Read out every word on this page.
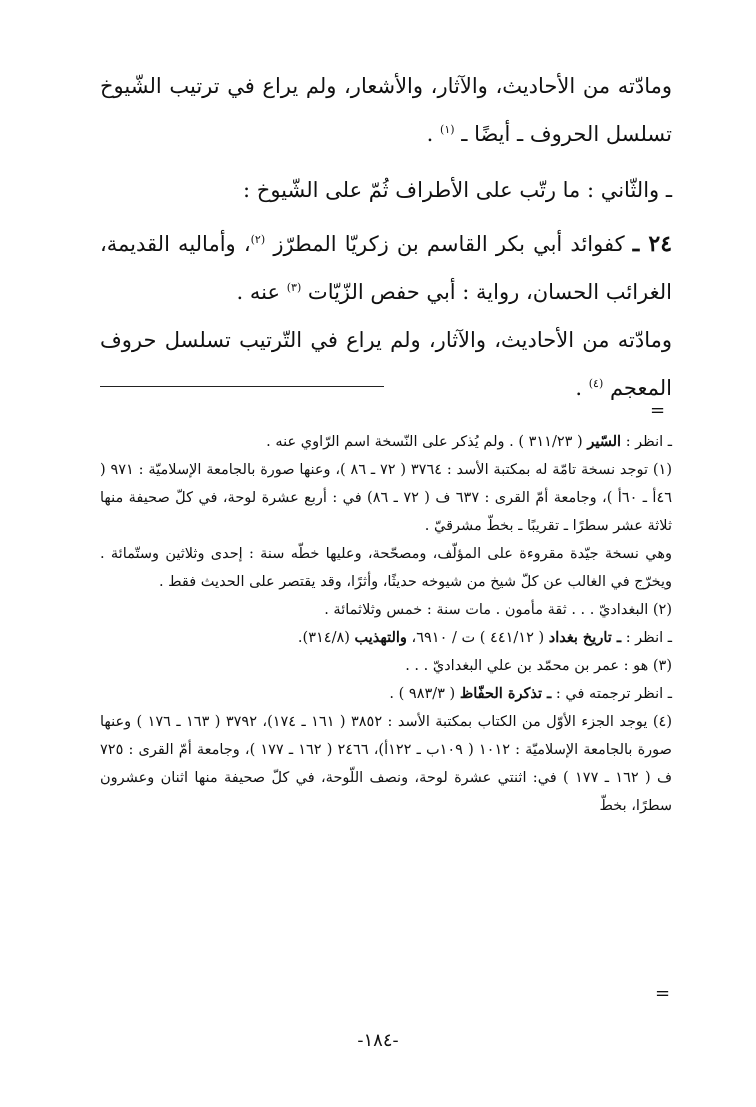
ومادّته من الأحاديث، والآثار، والأشعار، ولم يراع في ترتيب الشّيوخ تسلسل الحروف ـ أيضًا ـ $^{(١)}$ .

ـ والثّاني : ما رتّب على الأطراف ثُمّ على الشّيوخ :

٢٤ ـ كفوائد أبي بكر القاسم بن زكريّا المطرّز $^{(٢)}$، وأماليه القديمة، الغرائب الحسان، رواية : أبي حفص الزّيّات $^{(٣)}$ عنه .

ومادّته من الأحاديث، والآثار، ولم يراع في التّرتيب تسلسل حروف المعجم $^{(٤)}$ .

=

ـ انظر : السّير ( ٣١١/٢٣ ) . ولم يُذكر على النّسخة اسم الرّاوي عنه .

(١) توجد نسخة تامّة له بمكتبة الأسد : ٣٧٦٤ ( ٧٢ ـ ٨٦ )، وعنها صورة بالجامعة الإسلاميّة : ٩٧١ ( ٤٦أ ـ ٦٠أ )، وجامعة أمّ القرى : ٦٣٧ ف ( ٧٢ ـ ٨٦) في : أربع عشرة لوحة، في كلّ صحيفة منها ثلاثة عشر سطرًا ـ تقريبًا ـ بخطّ مشرقيّ .

وهي نسخة جيّدة مقروءة على المؤلّف، ومصحّحة، وعليها خطّه سنة : إحدى وثلاثين وستّمائة . ويخرّج في الغالب عن كلّ شيخ من شيوخه حديثًا، وأثرًا، وقد يقتصر على الحديث فقط .

(٢) البغداديّ . . . ثقة مأمون . مات سنة : خمس وثلاثمائة .

ـ انظر : ـ تاريخ بغداد ( ٤٤١/١٢ ) ت / ٦٩١٠، والتهذيب (٣١٤/٨).

(٣) هو : عمر بن محمّد بن علي البغداديّ . . .

ـ انظر ترجمته في : ـ تذكرة الحفّاظ ( ٩٨٣/٣ ) .

(٤) يوجد الجزء الأوّل من الكتاب بمكتبة الأسد : ٣٨٥٢ ( ١٦١ ـ ١٧٤)، ٣٧٩٢ ( ١٦٣ ـ ١٧٦ ) وعنها صورة بالجامعة الإسلاميّة : ١٠١٢ ( ١٠٩ب ـ ١٢٢أ)، ٢٤٦٦ ( ١٦٢ ـ ١٧٧ )، وجامعة أمّ القرى : ٧٢٥ ف ( ١٦٢ ـ ١٧٧ ) في: اثنتي عشرة لوحة، ونصف اللّوحة، في كلّ صحيفة منها اثنان وعشرون سطرًا، بخطّ

=
-١٨٤-
